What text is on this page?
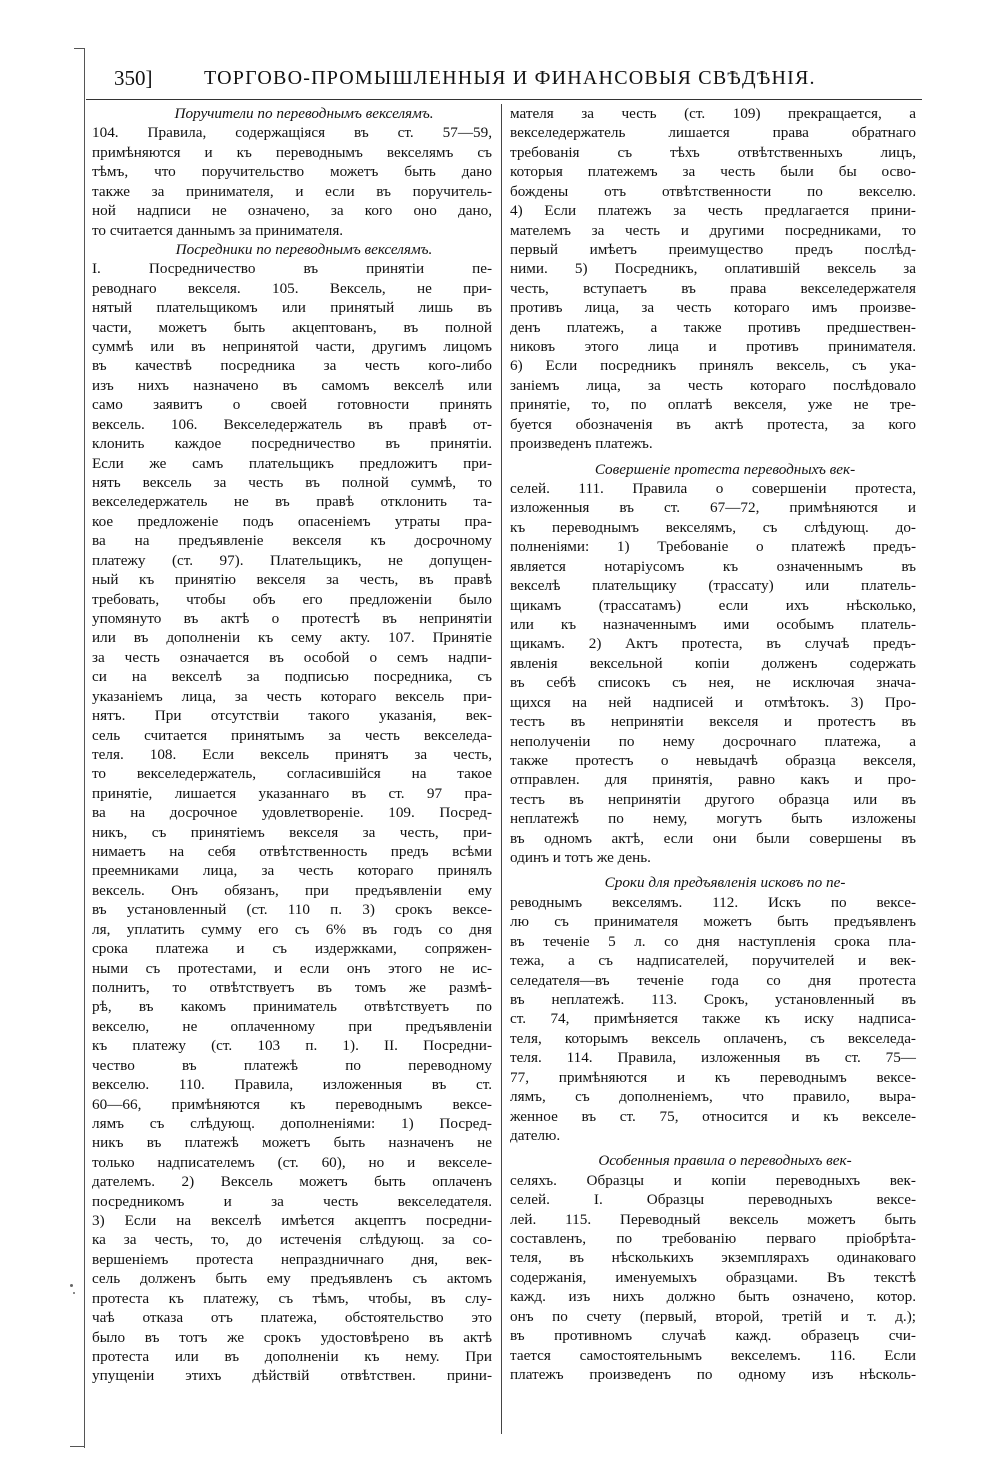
350]	ТОРГОВО-ПРОМЫШЛЕННЫЯ И ФИНАНСОВЫЯ СВѢДѢНІЯ.
Поручители по переводнымъ векселямъ.
104. Правила, содержащіяся въ ст. 57—59,
примѣняются и къ переводнымъ векселямъ съ
тѣмъ, что поручительство можетъ быть дано
также за принимателя, и если въ поручитель-
ной надписи не означено, за кого оно дано,
то считается даннымъ за принимателя.
Посредники по переводнымъ векселямъ.
I. Посредничество въ принятіи пе-
реводнаго векселя. 105. Вексель, не при-
нятый плательщикомъ или принятый лишь въ
части, можетъ быть акцептованъ, въ полной
суммѣ или въ непринятой части, другимъ лицомъ
въ качествѣ посредника за честь кого-либо
изъ нихъ назначено въ самомъ векселѣ или
само заявитъ о своей готовности принять
вексель. 106. Векселедержатель въ правѣ от-
клонить каждое посредничество въ принятіи.
Если же самъ плательщикъ предложитъ при-
нять вексель за честь въ полной суммѣ, то
векселедержатель не въ правѣ отклонить та-
кое предложеніе подъ опасеніемъ утраты пра-
ва на предъявленіе векселя къ досрочному
платежу (ст. 97). Плательщикъ, не допущен-
ный къ принятію векселя за честь, въ правѣ
требовать, чтобы объ его предложеніи было
упомянуто въ актѣ о протестѣ въ непринятіи
или въ дополненіи къ сему акту. 107. Принятіе
за честь означается въ особой о семъ надпи-
си на векселѣ за подписью посредника, съ
указаніемъ лица, за честь котораго вексель при-
нятъ. При отсутствіи такого указанія, век-
сель считается принятымъ за честь векселеда-
теля. 108. Если вексель принятъ за честь,
то векселедержатель, согласившійся на такое
принятіе, лишается указаннаго въ ст. 97 пра-
ва на досрочное удовлетвореніе. 109. Посред-
никъ, съ принятіемъ векселя за честь, при-
нимаетъ на себя отвѣтственность предъ всѣми
преемниками лица, за честь котораго принялъ
вексель. Онъ обязанъ, при предъявленіи ему
въ установленный (ст. 110 п. 3) срокъ вексе-
ля, уплатить сумму его съ 6% въ годъ со дня
срока платежа и съ издержками, сопряжен-
ными съ протестами, и если онъ этого не ис-
полнитъ, то отвѣтствуетъ въ томъ же размѣ-
рѣ, въ какомъ приниматель отвѣтствуетъ по
векселю, не оплаченному при предъявленіи
къ платежу (ст. 103 п. 1). II. Посредни-
чество въ платежѣ по переводному
векселю. 110. Правила, изложенныя въ ст.
60—66, примѣняются къ переводнымъ вексе-
лямъ съ слѣдующ. дополненіями: 1) Посред-
никъ въ платежѣ можетъ быть назначенъ не
только надписателемъ (ст. 60), но и векселе-
дателемъ. 2) Вексель можетъ быть оплаченъ
посредникомъ и за честь векселедателя.
3) Если на векселѣ имѣется акцептъ посредни-
ка за честь, то, до истеченія слѣдующ. за со-
вершеніемъ протеста непраздничнаго дня, век-
сель долженъ быть ему предъявленъ съ актомъ
протеста къ платежу, съ тѣмъ, чтобы, въ слу-
чаѣ отказа отъ платежа, обстоятельство это
было въ тотъ же срокъ удостовѣрено въ актѣ
протеста или въ дополненіи къ нему. При
упущеніи этихъ дѣйствій отвѣтствен. прини-
мателя за честь (ст. 109) прекращается, а
векселедержатель лишается права обратнаго
требованія съ тѣхъ отвѣтственныхъ лицъ,
которыя платежемъ за честь были бы осво-
бождены отъ отвѣтственности по векселю.
4) Если платежъ за честь предлагается прини-
мателемъ за честь и другими посредниками, то
первый имѣетъ преимущество предъ послѣд-
ними. 5) Посредникъ, оплатившій вексель за
честь, вступаетъ въ права векселедержателя
противъ лица, за честь котораго имъ произве-
денъ платежъ, а также противъ предшествен-
никовъ этого лица и противъ принимателя.
6) Если посредникъ принялъ вексель, съ ука-
заніемъ лица, за честь котораго послѣдовало
принятіе, то, по оплатѣ векселя, уже не тре-
буется обозначенія въ актѣ протеста, за кого
произведенъ платежъ.
Совершеніе протеста переводныхъ век-
селей. 111. Правила о совершеніи протеста,
изложенныя въ ст. 67—72, примѣняются и
къ переводнымъ векселямъ, съ слѣдующ. до-
полненіями: 1) Требованіе о платежѣ предъ-
является нотаріусомъ къ означеннымъ въ
векселѣ плательщику (трассату) или платель-
щикамъ (трассатамъ) если ихъ нѣсколько,
или къ назначеннымъ ими особымъ платель-
щикамъ. 2) Актъ протеста, въ случаѣ предъ-
явленія вексельной копіи долженъ содержать
въ себѣ списокъ съ нея, не исключая знача-
щихся на ней надписей и отмѣтокъ. 3) Про-
тестъ въ непринятіи векселя и протестъ въ
неполученіи по нему досрочнаго платежа, а
также протестъ о невыдачѣ образца векселя,
отправлен. для принятія, равно какъ и про-
тестъ въ непринятіи другого образца или въ
неплатежѣ по нему, могутъ быть изложены
въ одномъ актѣ, если они были совершены въ
одинъ и тотъ же день.
Сроки для предъявленія исковъ по пе-
реводнымъ векселямъ. 112. Искъ по вексе-
лю съ принимателя можетъ быть предъявленъ
въ теченіе 5 л. со дня наступленія срока пла-
тежа, а съ надписателей, поручителей и век-
селедателя—въ теченіе года со дня протеста
въ неплатежѣ. 113. Срокъ, установленный въ
ст. 74, примѣняется также къ иску надписа-
теля, которымъ вексель оплаченъ, съ векселеда-
теля. 114. Правила, изложенныя въ ст. 75—
77, примѣняются и къ переводнымъ вексе-
лямъ, съ дополненіемъ, что правило, выра-
женное въ ст. 75, относится и къ векселе-
дателю.
Особенныя правила о переводныхъ век-
селяхъ. Образцы и копіи переводныхъ век-
селей. I. Образцы переводныхъ вексе-
лей. 115. Переводный вексель можетъ быть
составленъ, по требованію перваго пріобрѣта-
теля, въ нѣсколькихъ экземплярахъ одинаковаго
содержанія, именуемыхъ образцами. Въ текстѣ
кажд. изъ нихъ должно быть означено, котор.
онъ по счету (первый, второй, третій и т. д.);
въ противномъ случаѣ кажд. образецъ счи-
тается самостоятельнымъ векселемъ. 116. Если
платежъ произведенъ по одному изъ нѣсколь-
